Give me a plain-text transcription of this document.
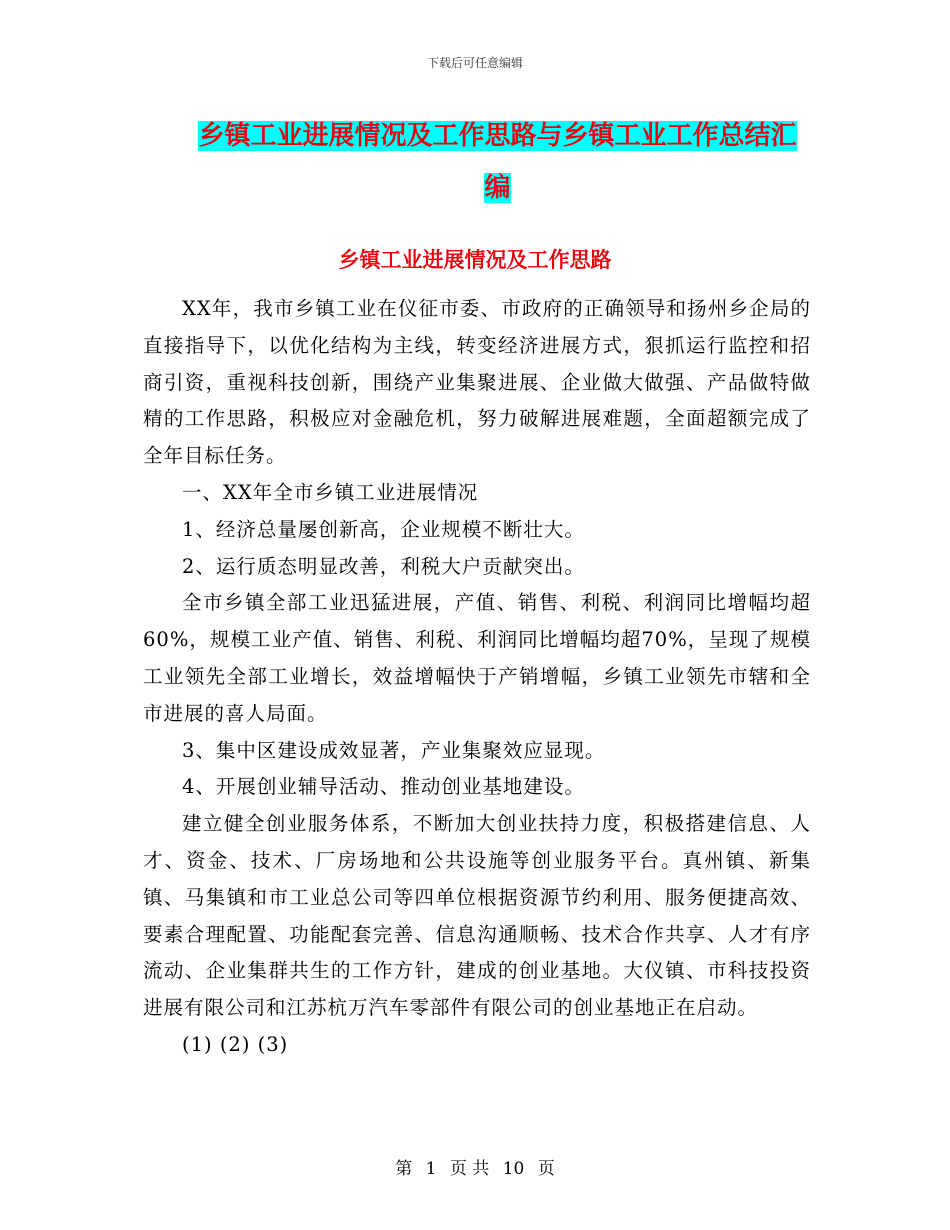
下载后可任意编辑
乡镇工业进展情况及工作思路与乡镇工业工作总结汇
编
乡镇工业进展情况及工作思路

XX年，我市乡镇工业在仪征市委、市政府的正确领导和扬州乡企局的直接指导下，以优化结构为主线，转变经济进展方式，狠抓运行监控和招商引资，重视科技创新，围绕产业集聚进展、企业做大做强、产品做特做精的工作思路，积极应对金融危机，努力破解进展难题，全面超额完成了全年目标任务。

一、XX年全市乡镇工业进展情况

1、经济总量屡创新高，企业规模不断壮大。

2、运行质态明显改善，利税大户贡献突出。

全市乡镇全部工业迅猛进展，产值、销售、利税、利润同比增幅均超60%，规模工业产值、销售、利税、利润同比增幅均超70%，呈现了规模工业领先全部工业增长，效益增幅快于产销增幅，乡镇工业领先市辖和全市进展的喜人局面。

3、集中区建设成效显著，产业集聚效应显现。

4、开展创业辅导活动、推动创业基地建设。

建立健全创业服务体系，不断加大创业扶持力度，积极搭建信息、人才、资金、技术、厂房场地和公共设施等创业服务平台。真州镇、新集镇、马集镇和市工业总公司等四单位根据资源节约利用、服务便捷高效、要素合理配置、功能配套完善、信息沟通顺畅、技术合作共享、人才有序流动、企业集群共生的工作方针，建成的创业基地。大仪镇、市科技投资进展有限公司和江苏杭万汽车零部件有限公司的创业基地正在启动。

(1) (2) (3)

第 1 页 共 10 页
